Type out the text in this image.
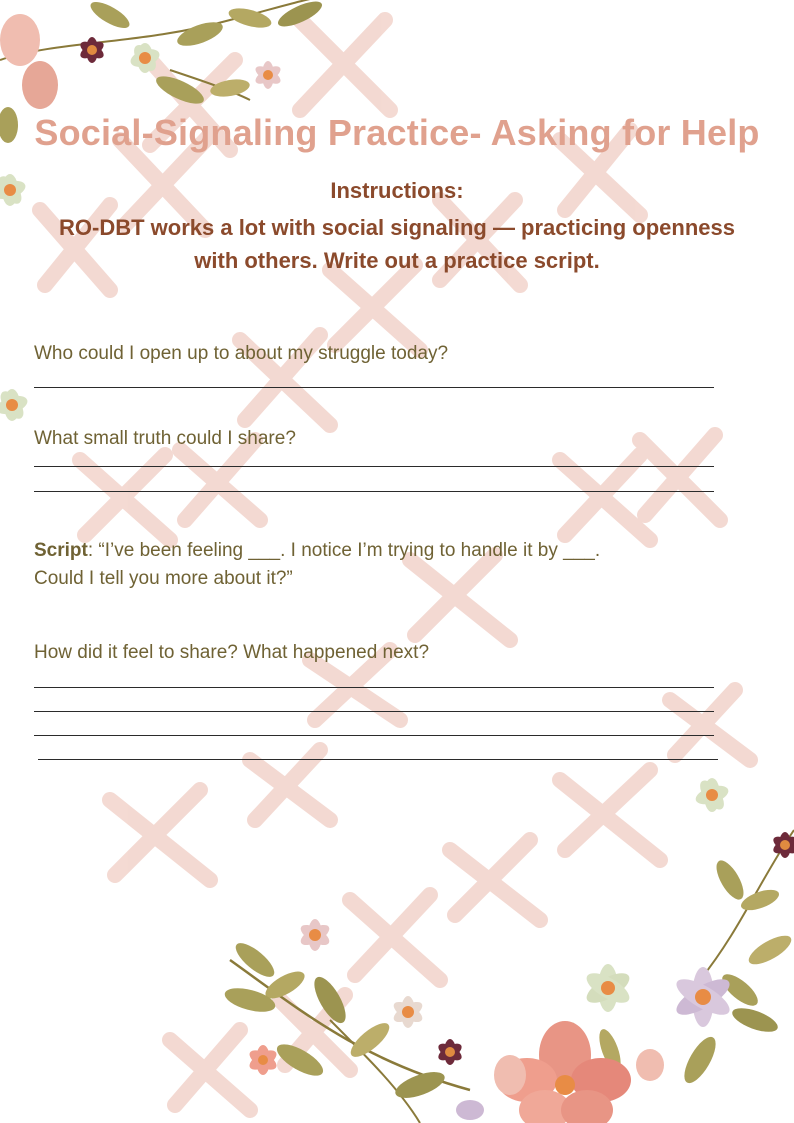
Social-Signaling Practice- Asking for Help
Instructions:
RO-DBT works a lot with social signaling — practicing openness
with others. Write out a practice script.
Who could I open up to about my struggle today?
What small truth could I share?
Script: “I’ve been feeling ___. I notice I’m trying to handle it by ___.
Could I tell you more about it?”
How did it feel to share? What happened next?
